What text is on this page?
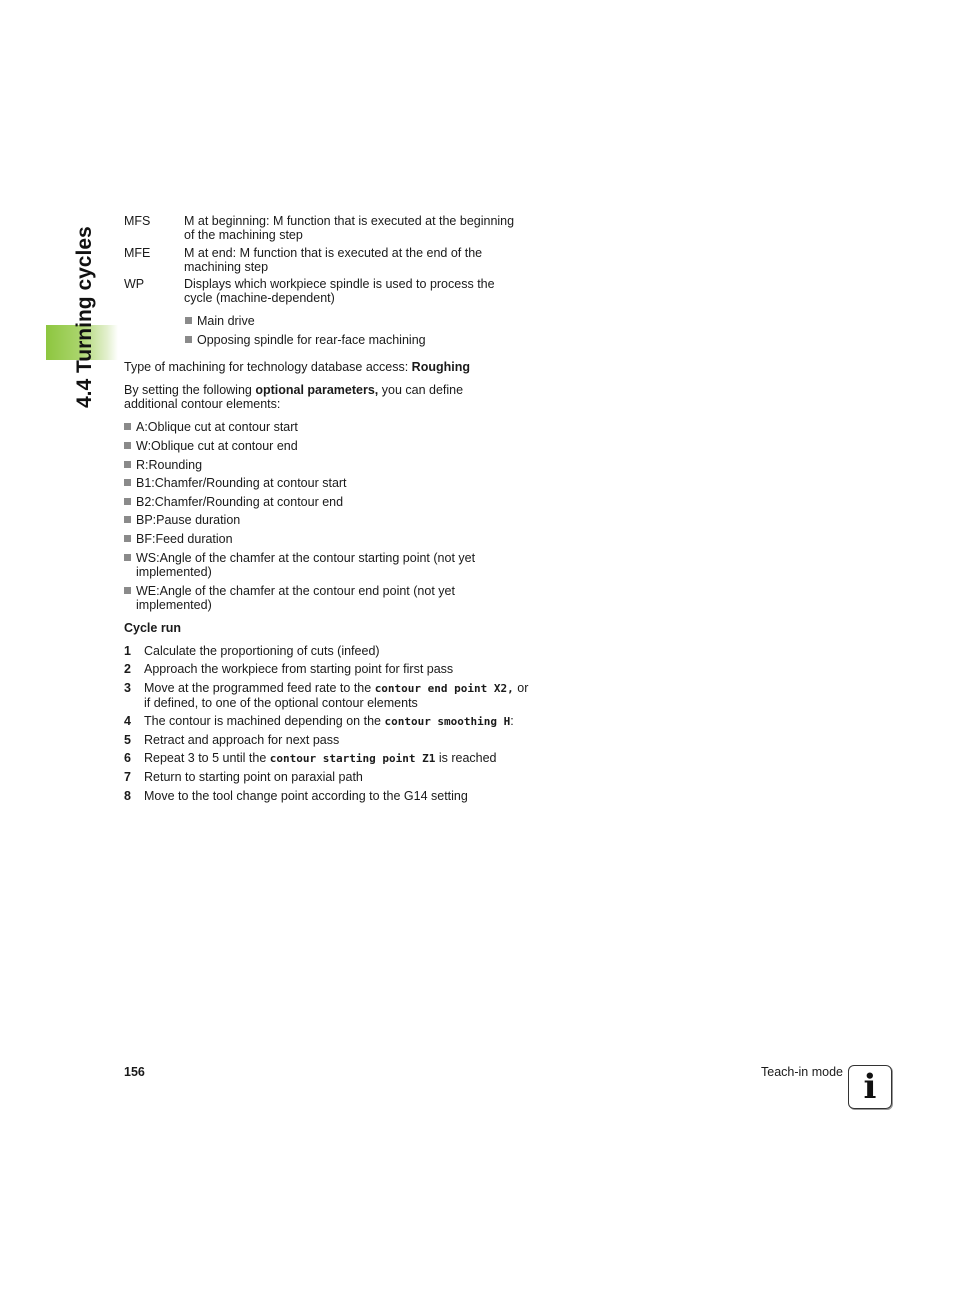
4.4 Turning cycles
MFS	M at beginning: M function that is executed at the beginning of the machining step
MFE	M at end: M function that is executed at the end of the machining step
WP	Displays which workpiece spindle is used to process the cycle (machine-dependent)
Main drive
Opposing spindle for rear-face machining
Type of machining for technology database access: Roughing
By setting the following optional parameters, you can define additional contour elements:
A:Oblique cut at contour start
W:Oblique cut at contour end
R:Rounding
B1:Chamfer/Rounding at contour start
B2:Chamfer/Rounding at contour end
BP:Pause duration
BF:Feed duration
WS:Angle of the chamfer at the contour starting point (not yet implemented)
WE:Angle of the chamfer at the contour end point (not yet implemented)
Cycle run
1 Calculate the proportioning of cuts (infeed)
2 Approach the workpiece from starting point for first pass
3 Move at the programmed feed rate to the contour end point X2, or if defined, to one of the optional contour elements
4 The contour is machined depending on the contour smoothing H:
5 Retract and approach for next pass
6 Repeat 3 to 5 until the contour starting point Z1 is reached
7 Return to starting point on paraxial path
8 Move to the tool change point according to the G14 setting
156	Teach-in mode i
